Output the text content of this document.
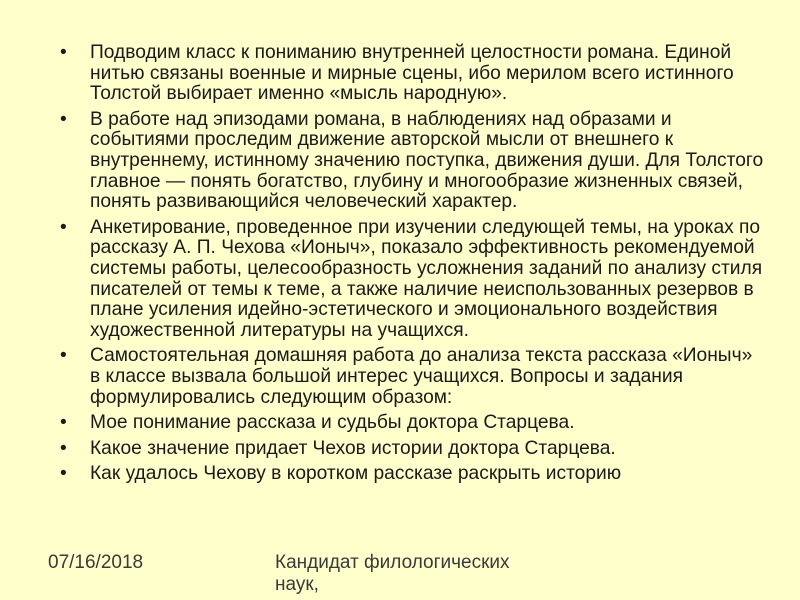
•	Подводим класс к пониманию внутренней целостности романа. Единой нитью связаны военные и мирные сцены, ибо мерилом всего истинного Толстой выбирает именно «мысль народную».
•	В работе над эпизодами романа, в наблюдениях над образами и событиями проследим движение авторской мысли от внешнего к внутреннему, истинному значению поступка, движения души. Для Толстого главное — понять богатство, глубину и многообразие жизненных связей, понять развивающийся человеческий характер.
•	Анкетирование, проведенное при изучении следующей темы, на уроках по рассказу А. П. Чехова «Ионыч», показало эффективность рекомендуемой системы работы, целесообразность усложнения заданий по анализу стиля писателей от темы к теме, а также наличие неиспользованных резервов в плане усиления идейно-эстетического и эмоционального воздействия художественной литературы на учащихся.
•	Самостоятельная домашняя работа до анализа текста рассказа «Ионыч» в классе вызвала большой интерес учащихся. Вопросы и задания формулировались следующим образом:
•	Мое понимание рассказа и судьбы доктора Старцева.
•	Какое значение придает Чехов истории доктора Старцева.
•	Как удалось Чехову в коротком рассказе раскрыть историю
07/16/2018	Кандидат филологических наук,
